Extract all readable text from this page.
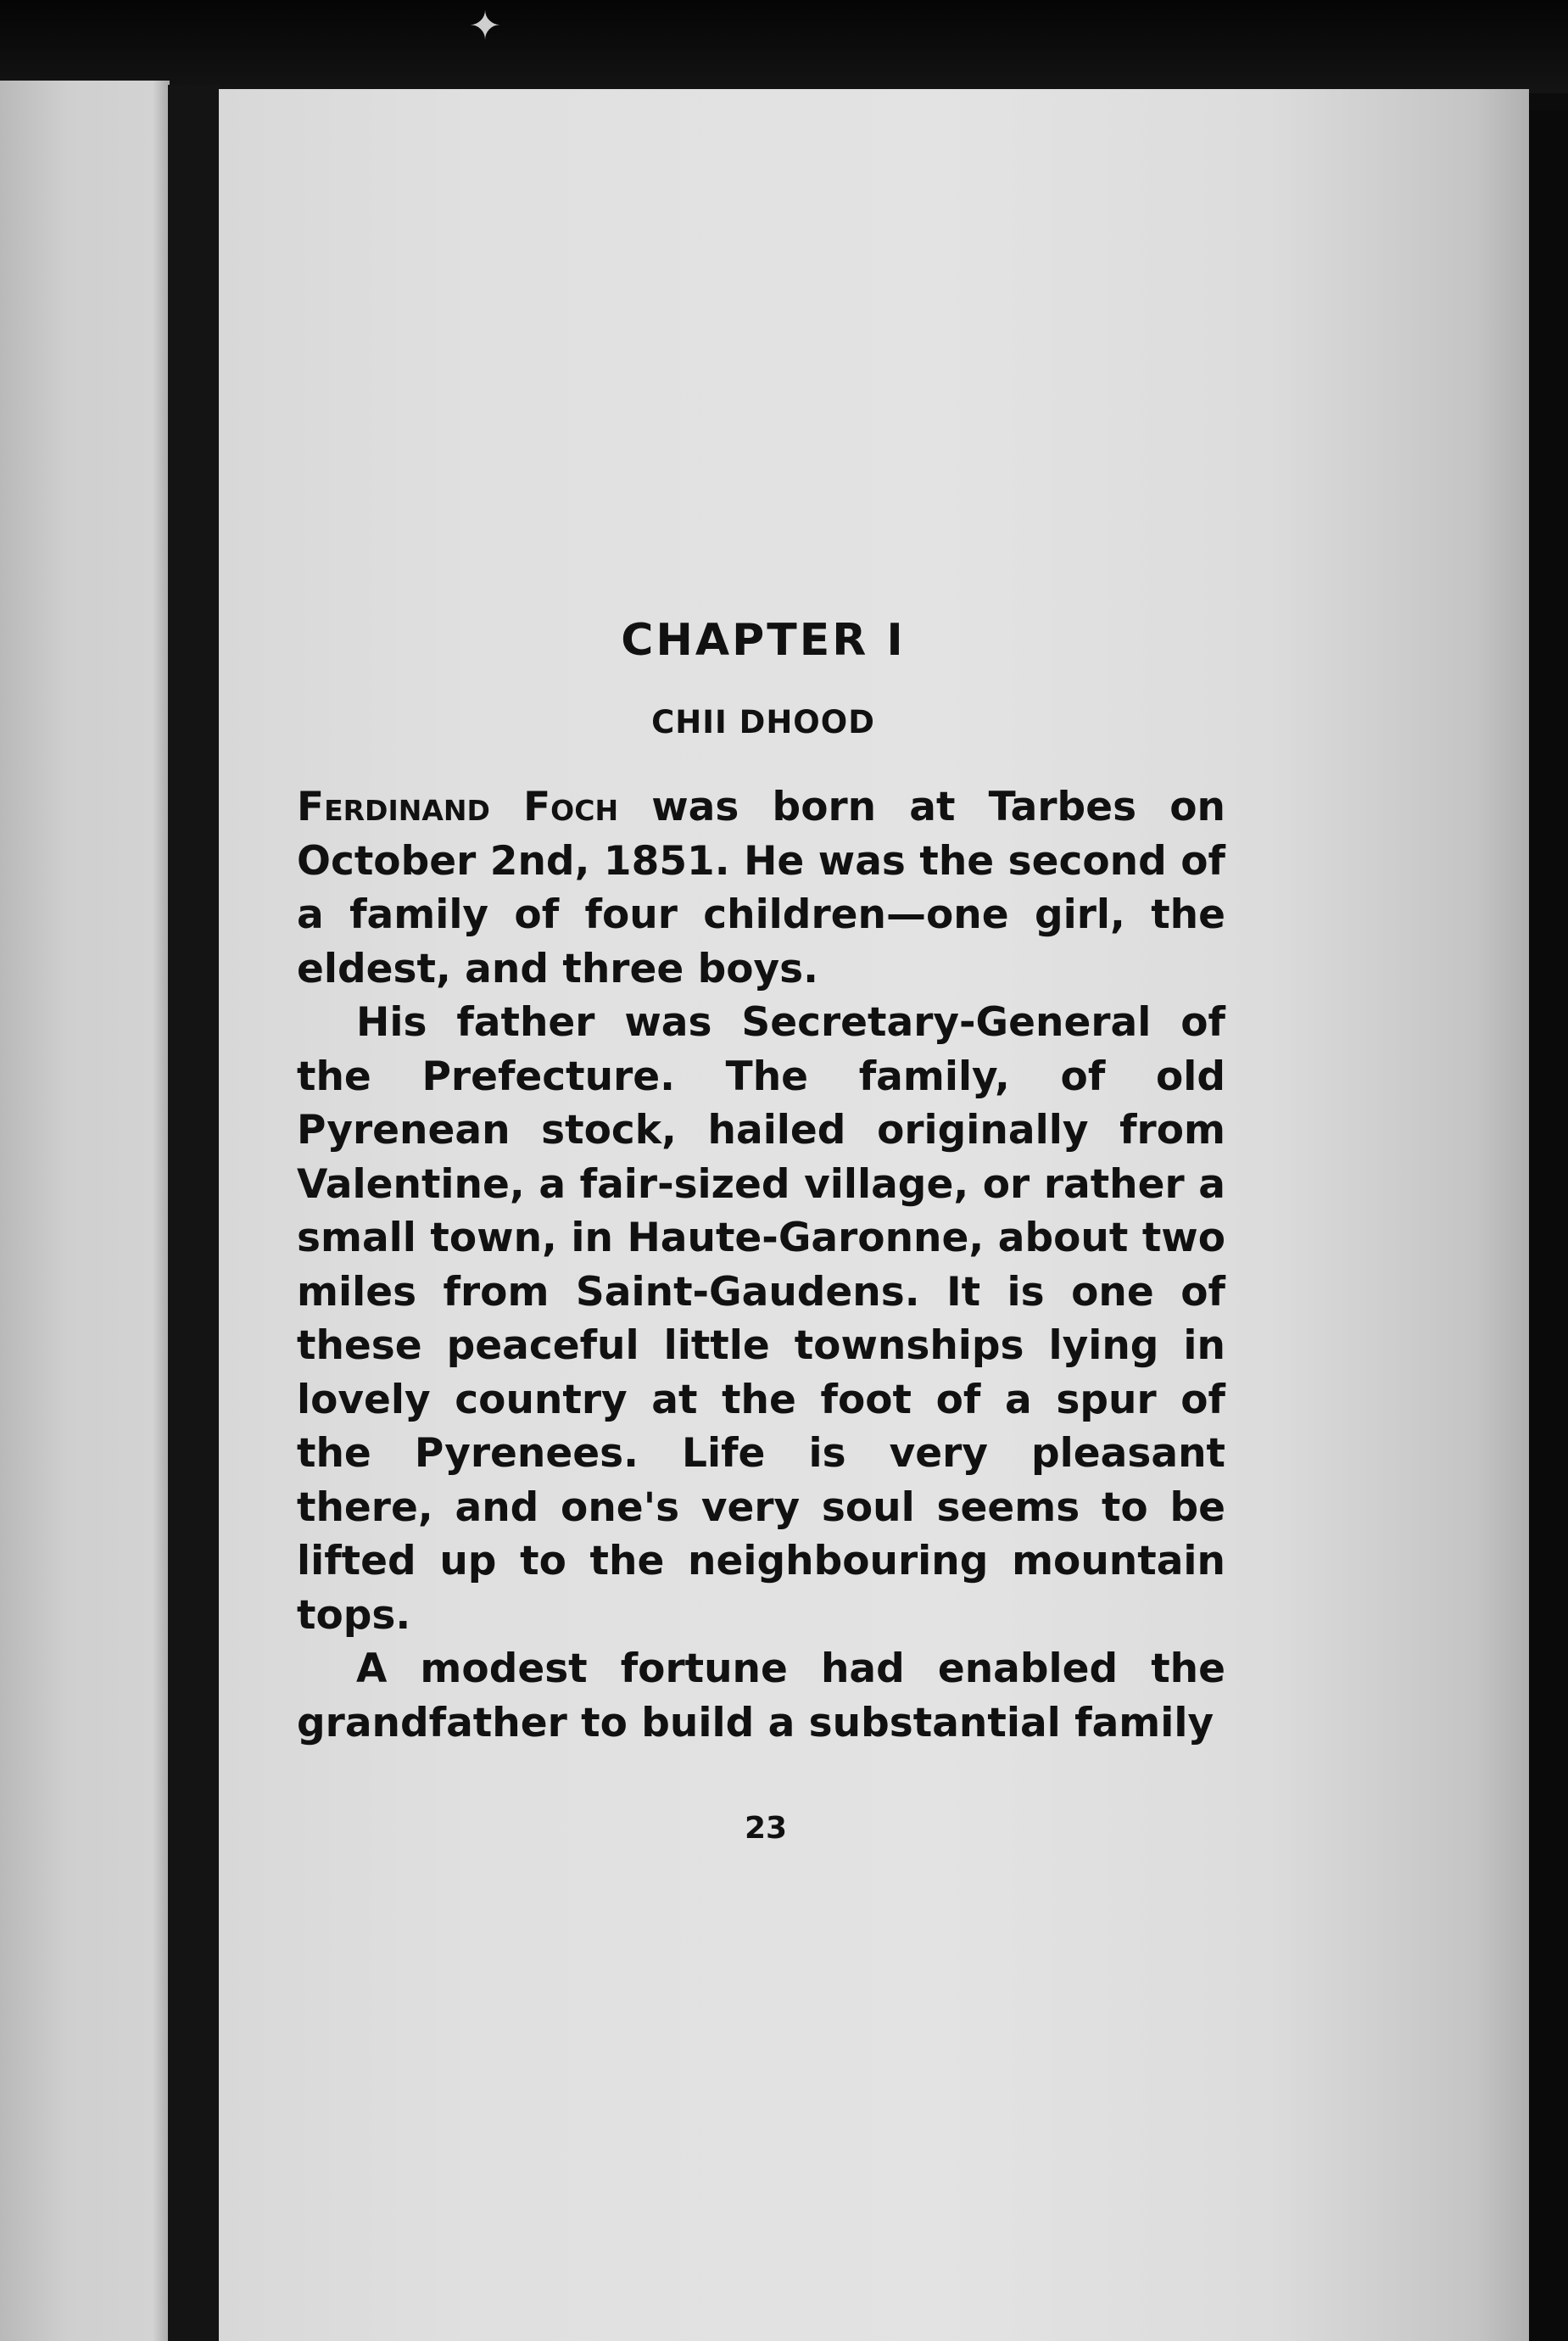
✦
CHAPTER I
CHII DHOOD

Ferdinand Foch was born at Tarbes on October 2nd, 1851. He was the second of a family of four children—one girl, the eldest, and three boys.

His father was Secretary-General of the Prefecture. The family, of old Pyrenean stock, hailed originally from Valentine, a fair-sized village, or rather a small town, in Haute-Garonne, about two miles from Saint-Gaudens. It is one of these peaceful little townships lying in lovely country at the foot of a spur of the Pyrenees. Life is very pleasant there, and one's very soul seems to be lifted up to the neighbouring mountain tops.

A modest fortune had enabled the grandfather to build a substantial family

23
